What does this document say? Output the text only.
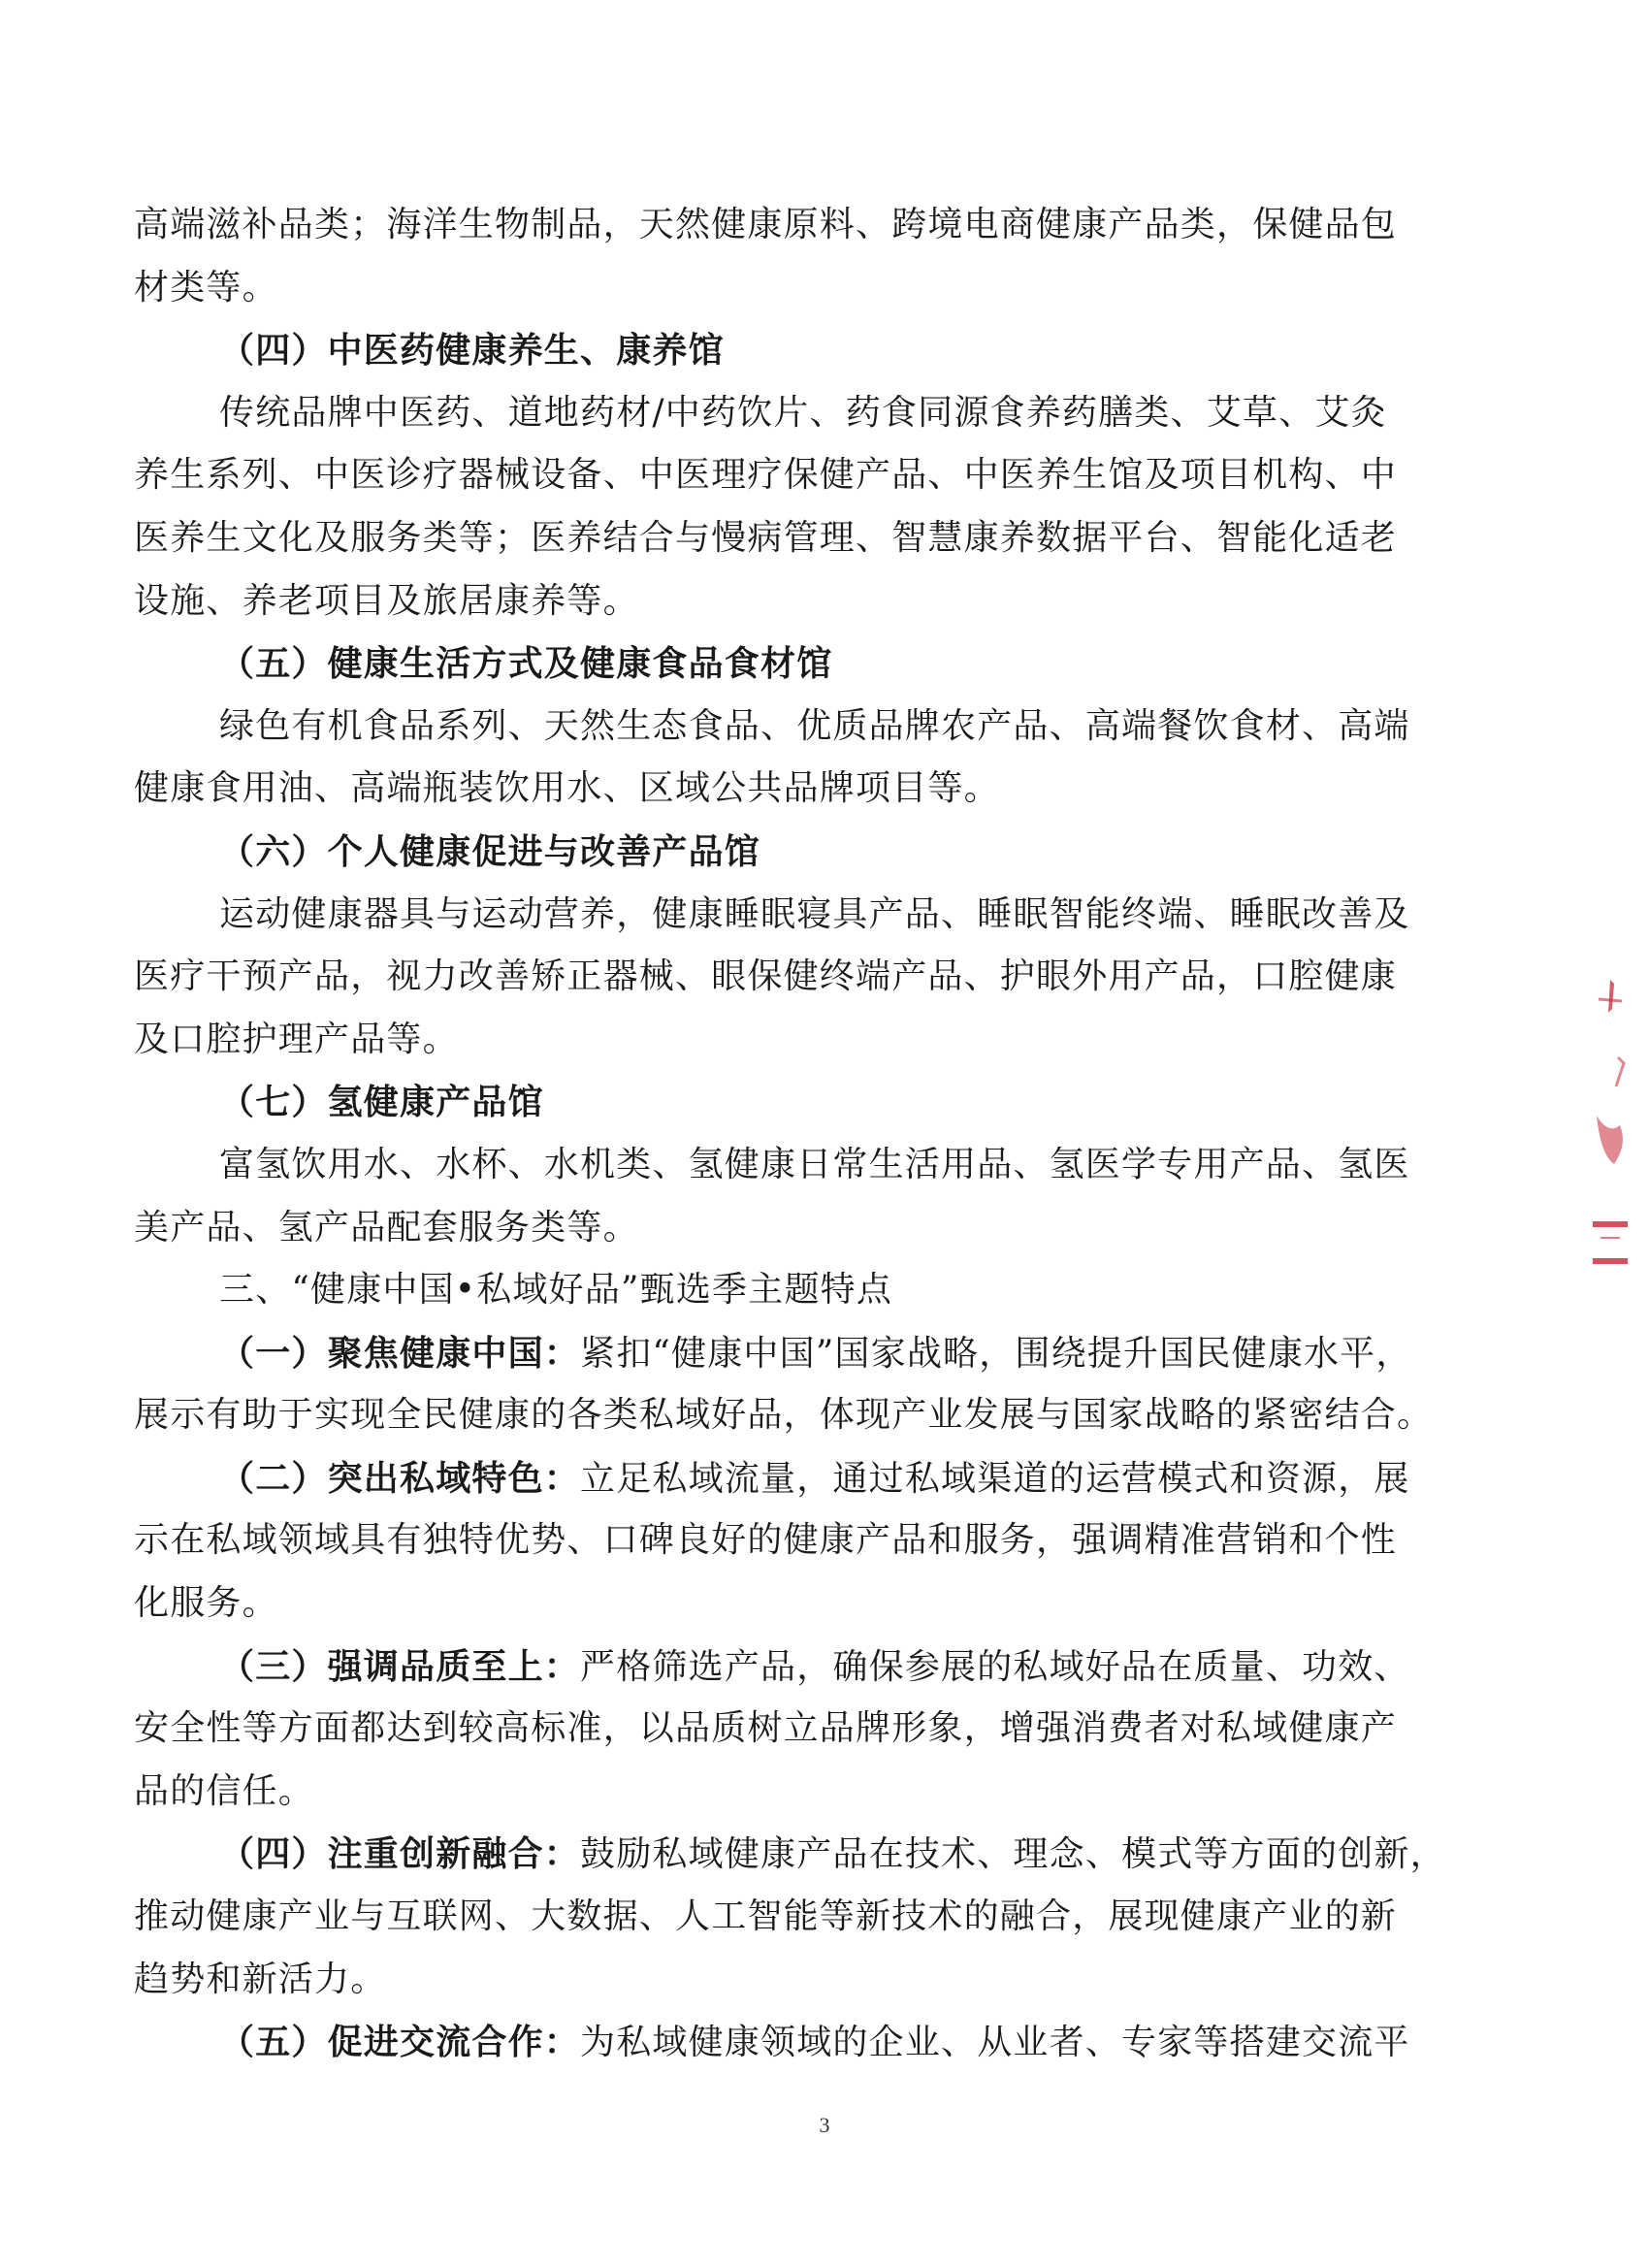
高端滋补品类；海洋生物制品，天然健康原料、跨境电商健康产品类，保健品包
材类等。
（四）中医药健康养生、康养馆
传统品牌中医药、道地药材/中药饮片、药食同源食养药膳类、艾草、艾灸
养生系列、中医诊疗器械设备、中医理疗保健产品、中医养生馆及项目机构、中
医养生文化及服务类等；医养结合与慢病管理、智慧康养数据平台、智能化适老
设施、养老项目及旅居康养等。
（五）健康生活方式及健康食品食材馆
绿色有机食品系列、天然生态食品、优质品牌农产品、高端餐饮食材、高端
健康食用油、高端瓶装饮用水、区域公共品牌项目等。
（六）个人健康促进与改善产品馆
运动健康器具与运动营养，健康睡眠寝具产品、睡眠智能终端、睡眠改善及
医疗干预产品，视力改善矫正器械、眼保健终端产品、护眼外用产品，口腔健康
及口腔护理产品等。
（七）氢健康产品馆
富氢饮用水、水杯、水机类、氢健康日常生活用品、氢医学专用产品、氢医
美产品、氢产品配套服务类等。
三、“健康中国•私域好品”甄选季主题特点
（一）聚焦健康中国：紧扣“健康中国”国家战略，围绕提升国民健康水平，
展示有助于实现全民健康的各类私域好品，体现产业发展与国家战略的紧密结合。
（二）突出私域特色：立足私域流量，通过私域渠道的运营模式和资源，展
示在私域领域具有独特优势、口碑良好的健康产品和服务，强调精准营销和个性
化服务。
（三）强调品质至上：严格筛选产品，确保参展的私域好品在质量、功效、
安全性等方面都达到较高标准，以品质树立品牌形象，增强消费者对私域健康产
品的信任。
（四）注重创新融合：鼓励私域健康产品在技术、理念、模式等方面的创新，
推动健康产业与互联网、大数据、人工智能等新技术的融合，展现健康产业的新
趋势和新活力。
（五）促进交流合作：为私域健康领域的企业、从业者、专家等搭建交流平
3
